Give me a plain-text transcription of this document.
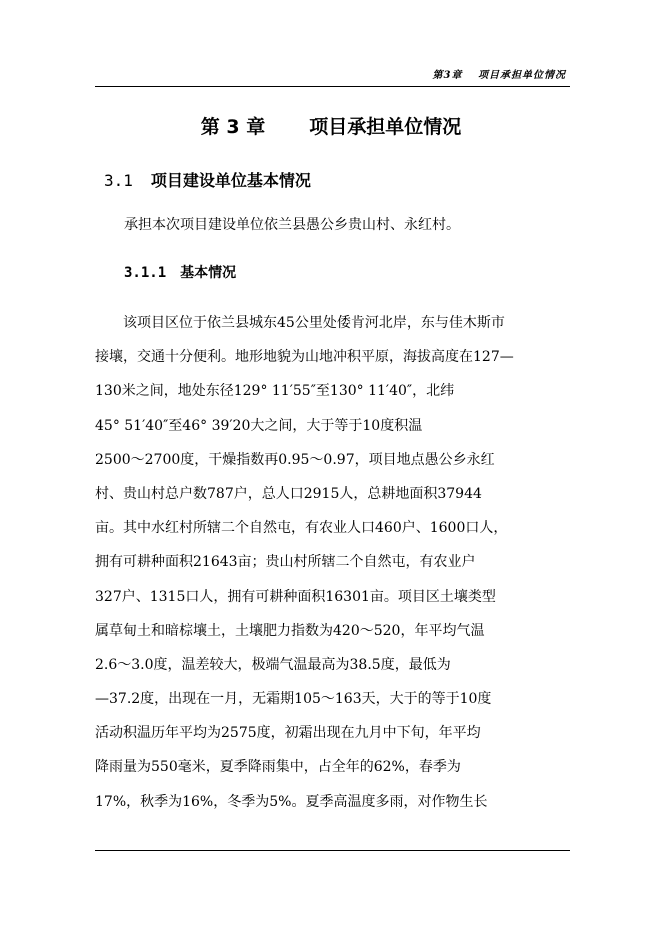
第3章　 项目承担单位情况
第 3 章 项目承担单位情况
3.1 项目建设单位基本情况
承担本次项目建设单位依兰县愚公乡贵山村、永红村。
3.1.1 基本情况
该项目区位于依兰县城东45公里处倭肯河北岸，东与佳木斯市
接壤，交通十分便利。地形地貌为山地冲积平原，海拔高度在127—
130米之间，地处东径129° 11′55″至130° 11′40″，北纬
45° 51′40″至46° 39′20大之间，大于等于10度积温
2500～2700度，干燥指数再0.95～0.97，项目地点愚公乡永红
村、贵山村总户数787户，总人口2915人，总耕地面积37944
亩。其中水红村所辖二个自然屯，有农业人口460户、1600口人，
拥有可耕种面积21643亩；贵山村所辖二个自然屯，有农业户
327户、1315口人，拥有可耕种面积16301亩。项目区土壤类型
属草甸土和暗棕壤土，土壤肥力指数为420～520，年平均气温
2.6～3.0度，温差较大，极端气温最高为38.5度，最低为
—37.2度，出现在一月，无霜期105～163天，大于的等于10度
活动积温历年平均为2575度，初霜出现在九月中下旬，年平均
降雨量为550毫米，夏季降雨集中，占全年的62%，春季为
17%，秋季为16%，冬季为5%。夏季高温度多雨，对作物生长
